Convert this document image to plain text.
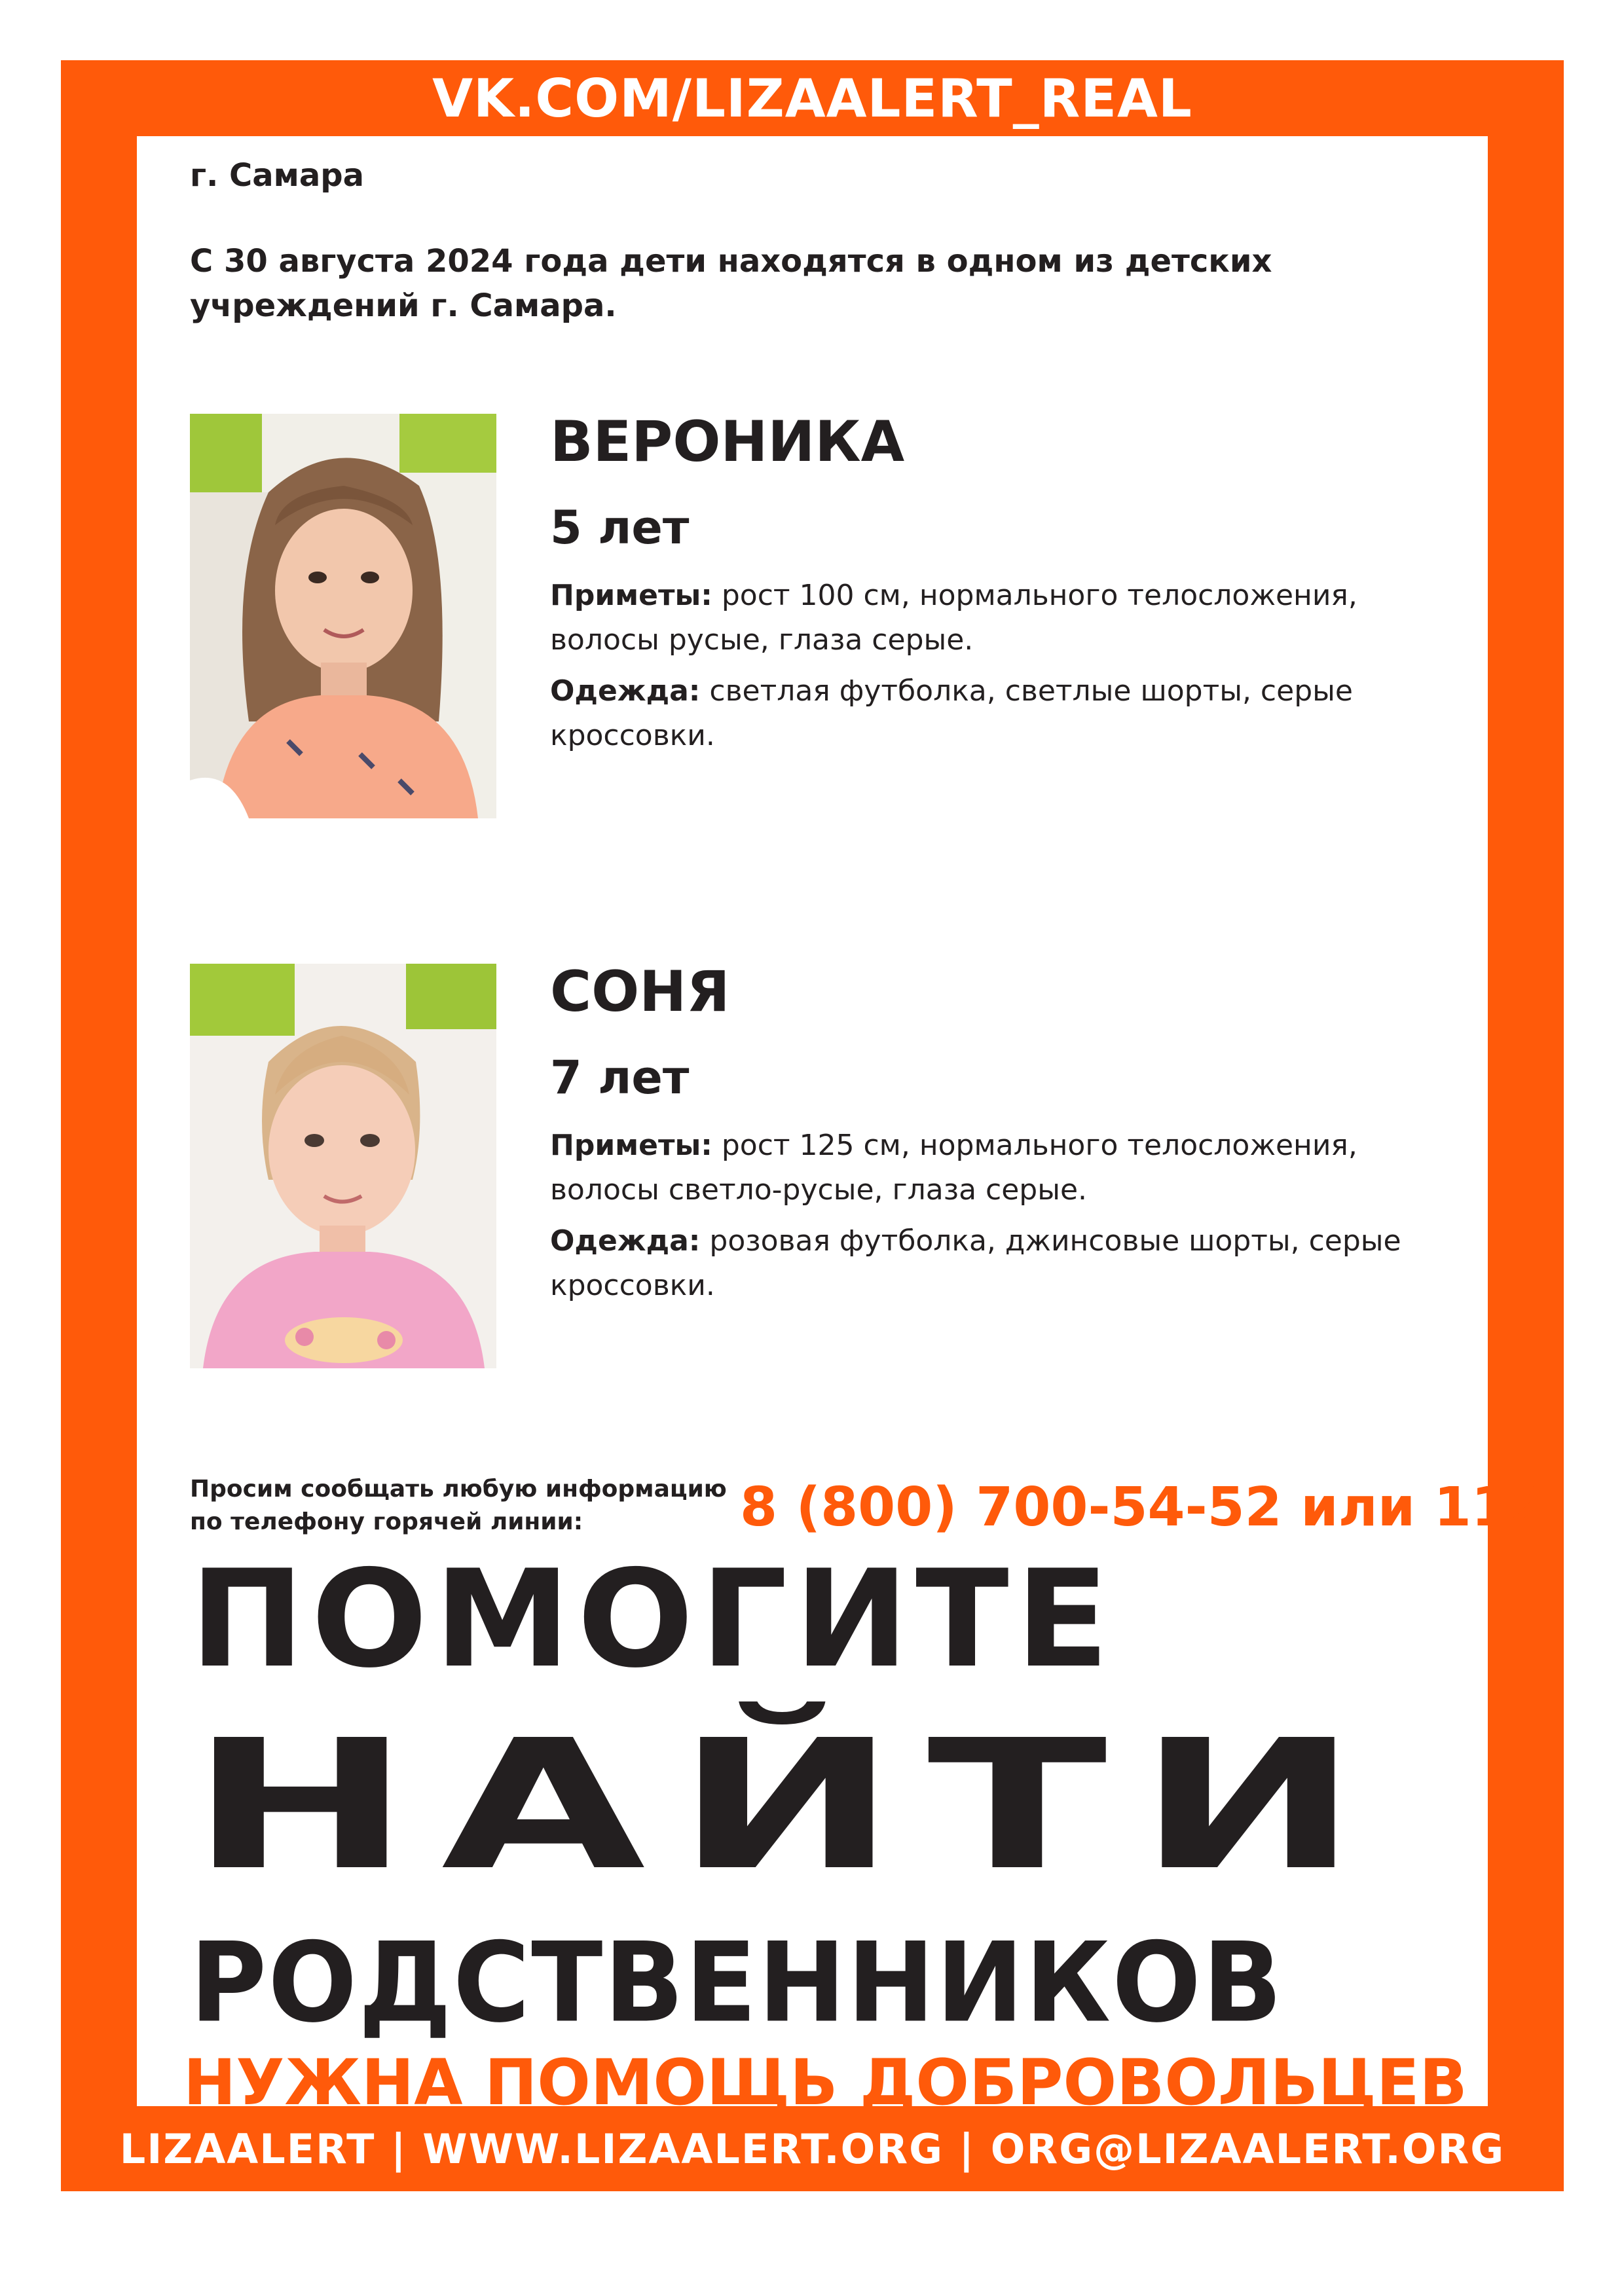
VK.COM/LIZAALERT_REAL
г. Самара
С 30 августа 2024 года дети находятся в одном из детских учреждений г. Самара.
ВЕРОНИКА
5 лет
Приметы: рост 100 см, нормального телосложения, волосы русые, глаза серые.
Одежда: светлая футболка, светлые шорты, серые кроссовки.
СОНЯ
7 лет
Приметы: рост 125 см, нормального телосложения, волосы светло-русые, глаза серые.
Одежда: розовая футболка, джинсовые шорты, серые кроссовки.
Просим сообщать любую информацию по телефону горячей линии:	8 (800) 700-54-52 или 112
ПОМОГИТЕ
НАЙТИ
РОДСТВЕННИКОВ
НУЖНА ПОМОЩЬ ДОБРОВОЛЬЦЕВ
LIZAALERT | WWW.LIZAALERT.ORG | ORG@LIZAALERT.ORG
